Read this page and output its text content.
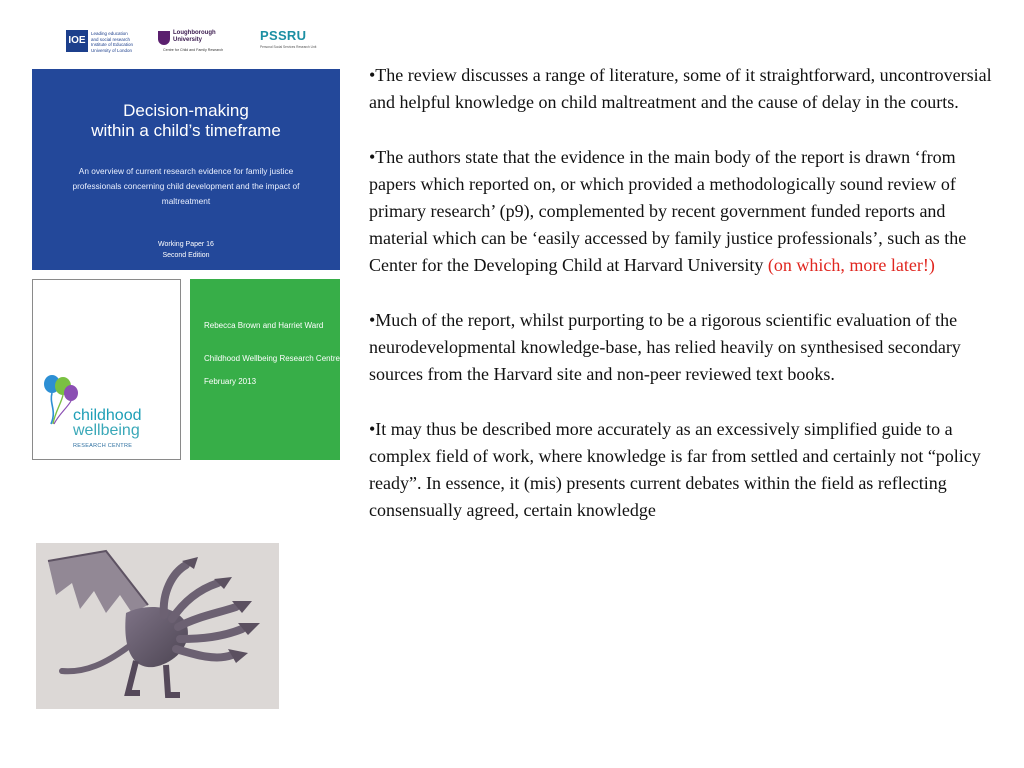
IOE
Leading education
and social research
Institute of Education
University of London
Loughborough
University
Centre for Child and Family Research
PSSRU
Personal Social Services Research Unit
Decision-making
within a child’s timeframe
An overview of current research evidence for family justice professionals concerning child development and the impact of maltreatment
Working Paper 16
Second Edition
childhood
wellbeing
RESEARCH CENTRE
Rebecca Brown and Harriet Ward
Childhood Wellbeing Research Centre
February 2013

•The review discusses a range of literature, some of it straightforward, uncontroversial and helpful knowledge on child maltreatment and the cause of delay in the courts.

•The authors state that the evidence in the main body of the report is drawn ‘from papers which reported on, or which provided a methodologically sound review of primary research’ (p9), complemented by recent government funded reports and material which can be ‘easily accessed by family justice professionals’, such as the Center for the Developing Child at Harvard University (on which, more later!)

•Much of the report, whilst purporting to be a rigorous scientific evaluation of the neurodevelopmental knowledge-base, has relied heavily on synthesised secondary sources from the Harvard site and non-peer reviewed text books.

•It may thus be described more accurately as an excessively simplified guide to a complex field of work, where knowledge is far from settled and certainly not “policy ready”. In essence, it (mis) presents current debates within the field as reflecting consensually agreed, certain knowledge
